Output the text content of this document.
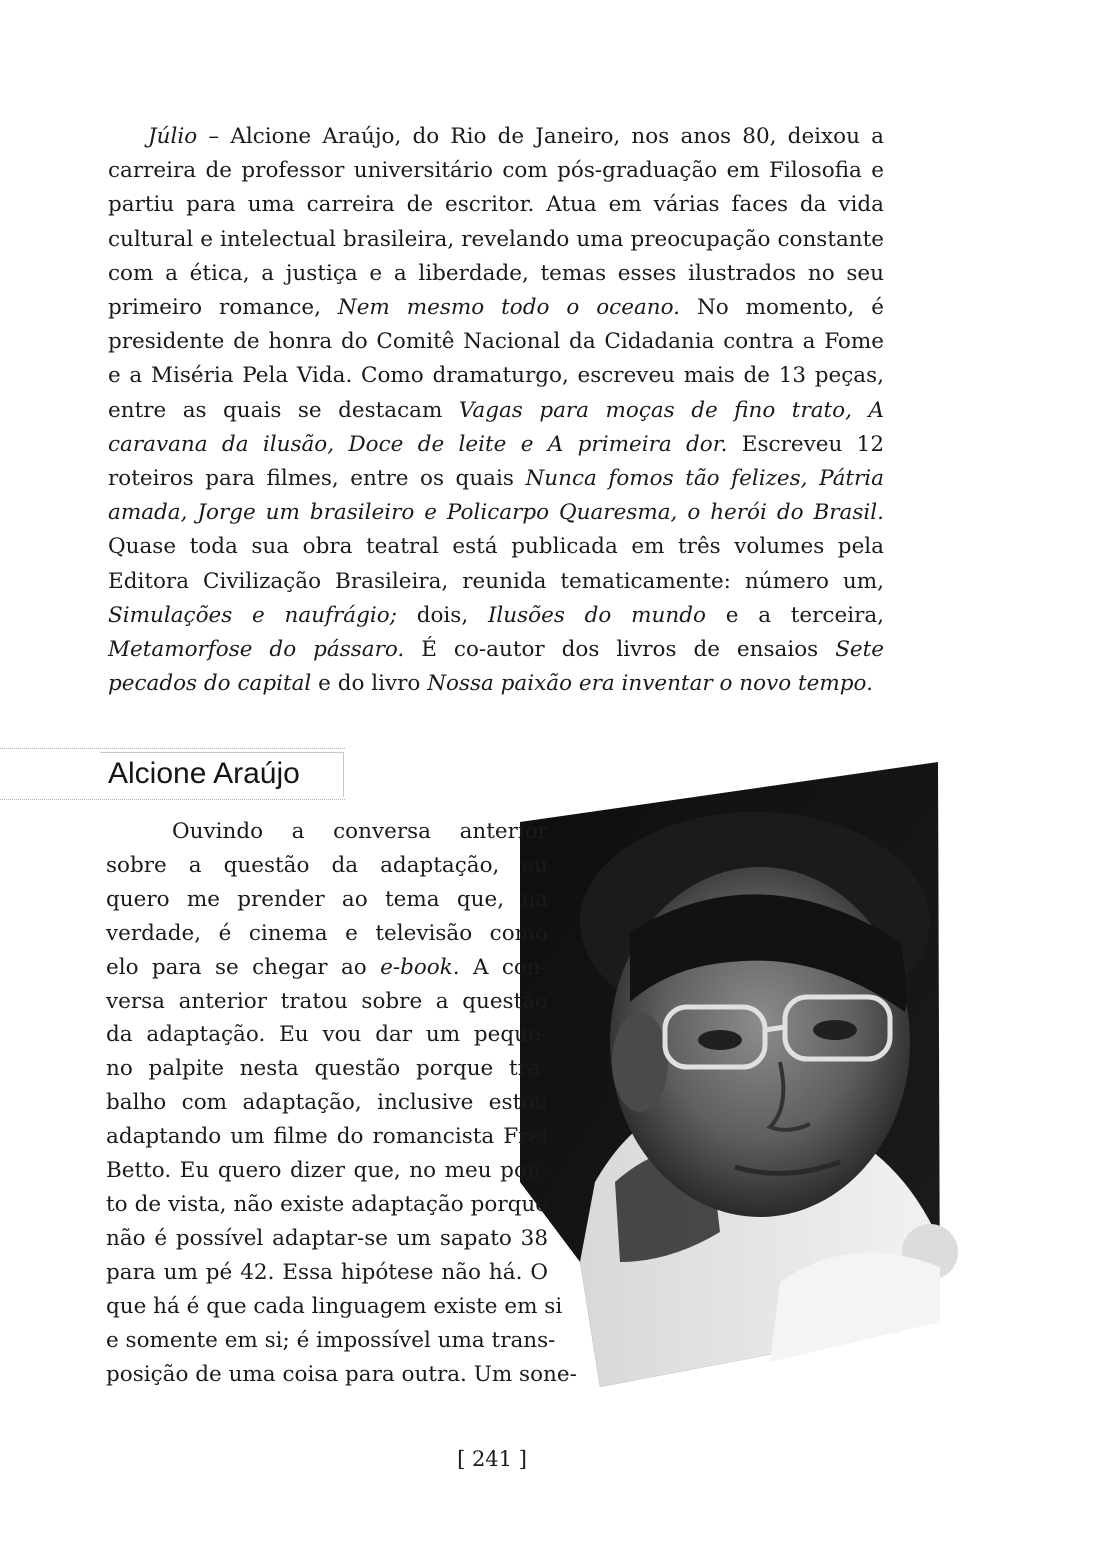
Júlio – Alcione Araújo, do Rio de Janeiro, nos anos 80, deixou a carreira de professor universitário com pós-graduação em Filosofia e partiu para uma carreira de escritor. Atua em várias faces da vida cultural e intelectual brasileira, revelando uma preocupação constante com a ética, a justiça e a liberdade, temas esses ilustrados no seu primeiro romance, Nem mesmo todo o oceano. No momento, é presidente de honra do Comitê Nacional da Cidadania contra a Fome e a Miséria Pela Vida. Como dramaturgo, escreveu mais de 13 peças, entre as quais se destacam Vagas para moças de fino trato, A caravana da ilusão, Doce de leite e A primeira dor. Escreveu 12 roteiros para filmes, entre os quais Nunca fomos tão felizes, Pátria amada, Jorge um brasileiro e Policarpo Quaresma, o herói do Brasil. Quase toda sua obra teatral está publicada em três volumes pela Editora Civilização Brasileira, reunida tematicamente: número um, Simulações e naufrágio; dois, Ilusões do mundo e a terceira, Metamorfose do pássaro. É co-autor dos livros de ensaios Sete pecados do capital e do livro Nossa paixão era inventar o novo tempo.

Alcione Araújo

Ouvindo a conversa anterior
sobre a questão da adaptação, eu
quero me prender ao tema que, na
verdade, é cinema e televisão como
elo para se chegar ao e-book. A con-
versa anterior tratou sobre a questão
da adaptação. Eu vou dar um peque-
no palpite nesta questão porque tra-
balho com adaptação, inclusive estou
adaptando um filme do romancista Frei
Betto. Eu quero dizer que, no meu pon-
to de vista, não existe adaptação porque
não é possível adaptar-se um sapato 38
para um pé 42. Essa hipótese não há. O
que há é que cada linguagem existe em si
e somente em si; é impossível uma trans-
posição de uma coisa para outra. Um sone-

[ 241 ]
